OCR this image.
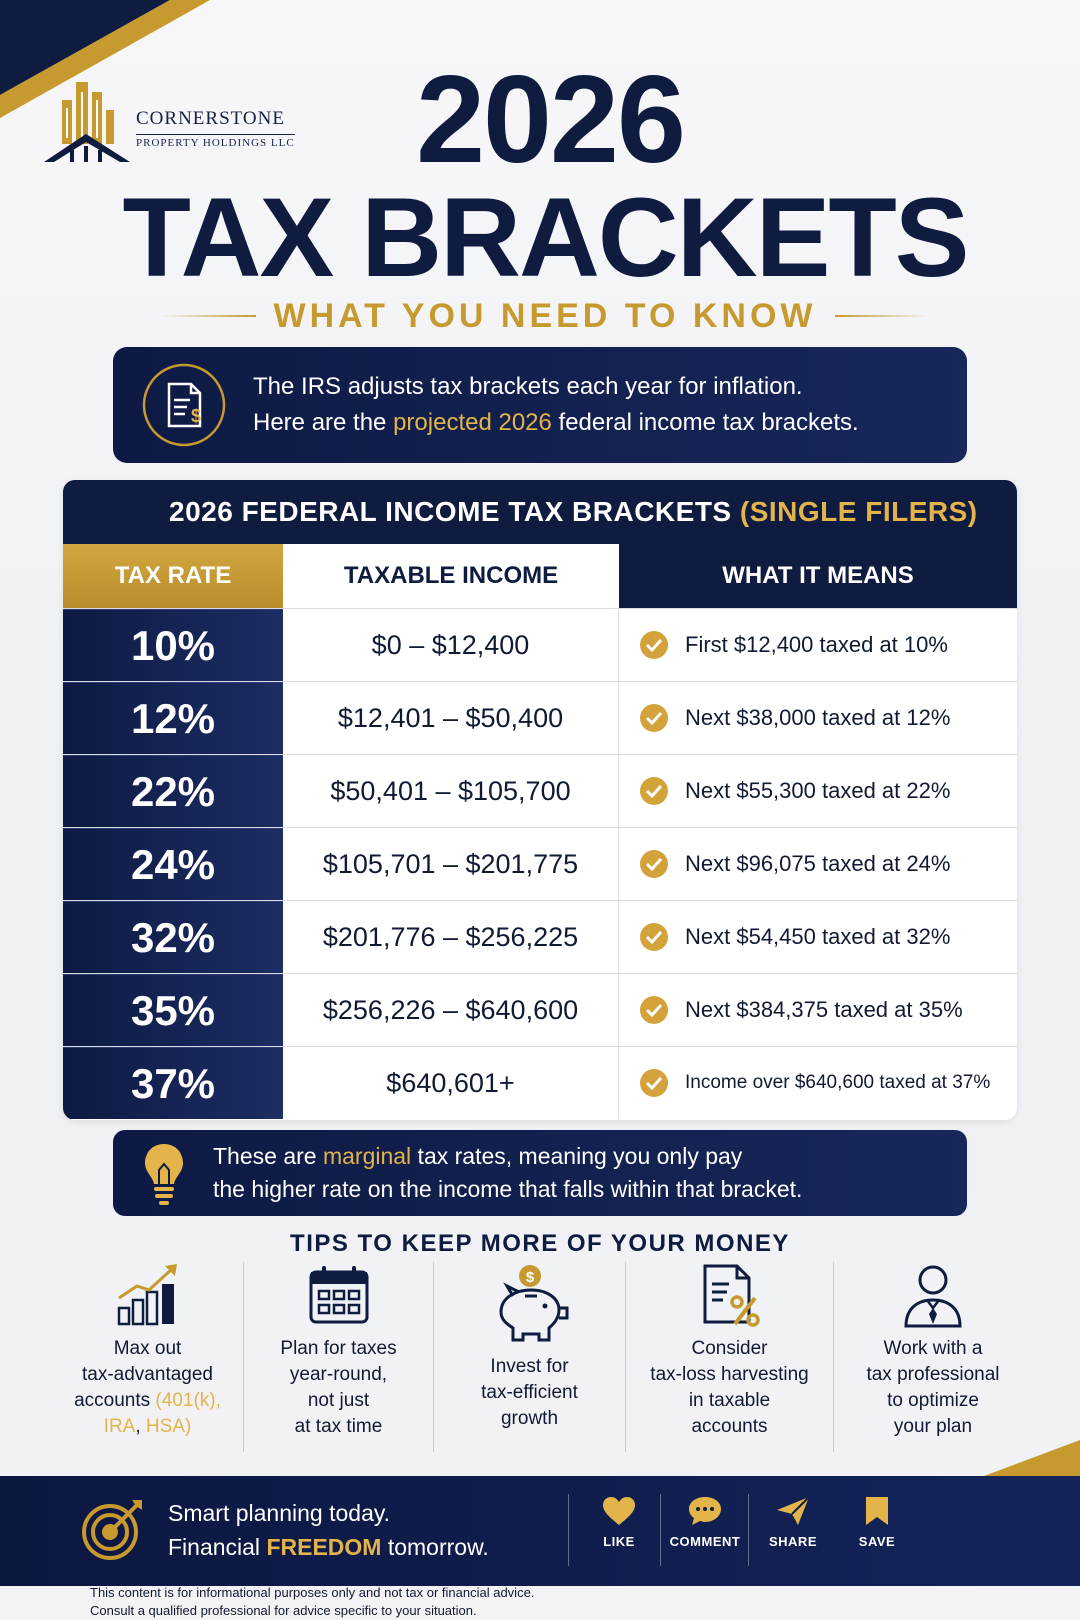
CORNERSTONE
PROPERTY HOLDINGS LLC 2026
TAX BRACKETS
WHAT YOU NEED TO KNOW
$
The IRS adjusts tax brackets each year for inflation.
Here are the projected 2026 federal income tax brackets.
2026 FEDERAL INCOME TAX BRACKETS
(SINGLE FILERS)
TAX RATE	TAXABLE INCOME	WHAT IT MEANS
10%	$0 – $12,400	First $12,400 taxed at 10%
12%	$12,401 – $50,400	Next $38,000 taxed at 12%
22%	$50,401 – $105,700	Next $55,300 taxed at 22%
24%	$105,701 – $201,775	Next $96,075 taxed at 24%
32%	$201,776 – $256,225	Next $54,450 taxed at 32%
35%	$256,226 – $640,600	Next $384,375 taxed at 35%
37%	$640,601+	Income over $640,600 taxed at 37%
These are marginal tax rates, meaning you only pay
the higher rate on the income that falls within that bracket.
TIPS TO KEEP MORE OF YOUR MONEY
Max out
tax-advantaged
accounts (401(k),
IRA, HSA)
Plan for taxes
year-round,
not just
at tax time
$
Invest for
tax-efficient
growth
Consider
tax-loss harvesting
in taxable
accounts
Work with a
tax professional
to optimize
your plan
Smart planning today.
Financial FREEDOM tomorrow.	LIKE	COMMENT	SHARE	SAVE
This content is for informational purposes only and not tax or financial advice.
Consult a qualified professional for advice specific to your situation.
